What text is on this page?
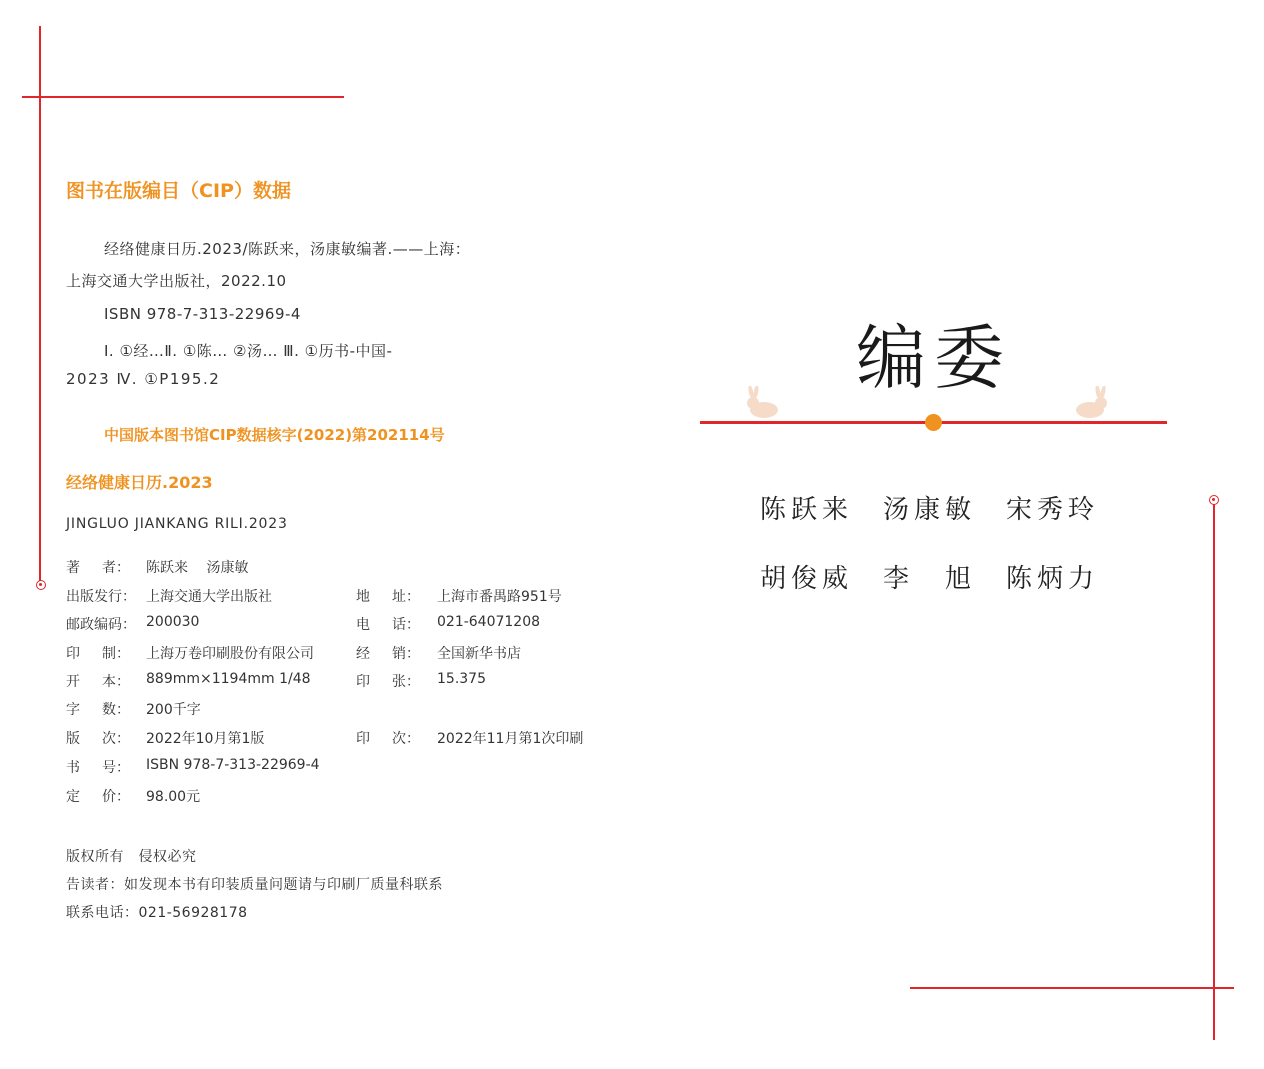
图书在版编目（CIP）数据
经络健康日历.2023/陈跃来，汤康敏编著.——上海：
上海交通大学出版社，2022.10
ISBN 978-7-313-22969-4
Ⅰ. ①经…Ⅱ. ①陈… ②汤… Ⅲ. ①历书-中国-
2023 Ⅳ. ①P195.2
中国版本图书馆CIP数据核字(2022)第202114号
经络健康日历.2023
JINGLUO JIANKANG RILI.2023
著 者： 陈跃来　 汤康敏
出版发行： 上海交通大学出版社	地 址： 上海市番禺路951号
邮政编码： 200030	电 话： 021-64071208
印 制： 上海万卷印刷股份有限公司	经 销： 全国新华书店
开 本： 889mm×1194mm 1/48	印 张： 15.375
字 数： 200千字
版 次： 2022年10月第1版	印 次： 2022年11月第1次印刷
书 号： ISBN 978-7-313-22969-4
定 价： 98.00元
版权所有　侵权必究
告读者：如发现本书有印装质量问题请与印刷厂质量科联系
联系电话：021-56928178
编委
陈跃来 汤康敏 宋秀玲
胡俊威 李　旭 陈炳力
